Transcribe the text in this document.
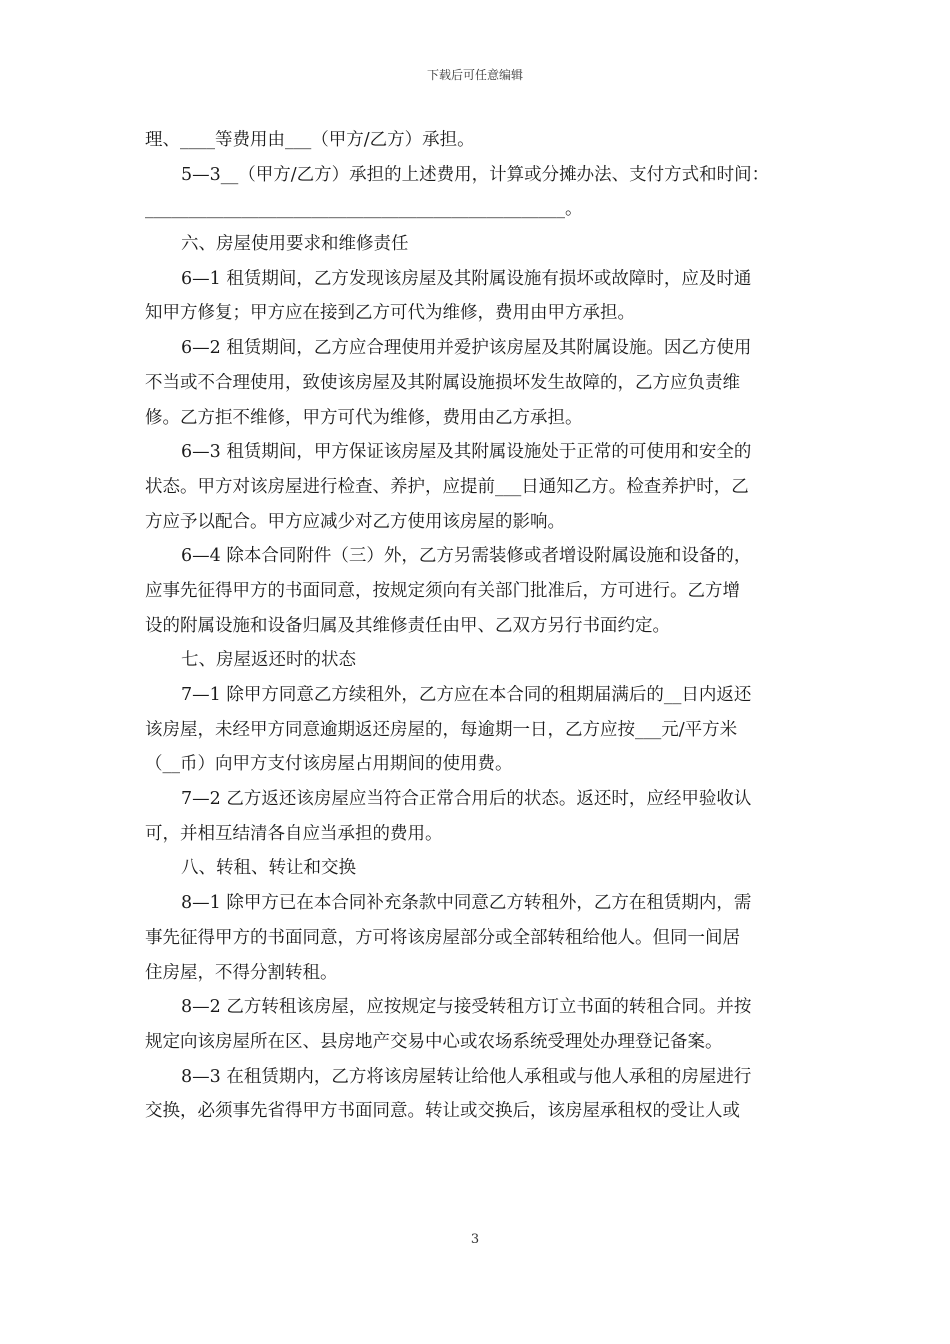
下载后可任意编辑
理、____等费用由___（甲方/乙方）承担。
5—3__（甲方/乙方）承担的上述费用，计算或分摊办法、支付方式和时间：
________________________________________________。
六、房屋使用要求和维修责任
6—1 租赁期间，乙方发现该房屋及其附属设施有损坏或故障时，应及时通
知甲方修复；甲方应在接到乙方可代为维修，费用由甲方承担。
6—2 租赁期间，乙方应合理使用并爱护该房屋及其附属设施。因乙方使用
不当或不合理使用，致使该房屋及其附属设施损坏发生故障的，乙方应负责维
修。乙方拒不维修，甲方可代为维修，费用由乙方承担。
6—3 租赁期间，甲方保证该房屋及其附属设施处于正常的可使用和安全的
状态。甲方对该房屋进行检查、养护，应提前___日通知乙方。检查养护时，乙
方应予以配合。甲方应减少对乙方使用该房屋的影响。
6—4 除本合同附件（三）外，乙方另需装修或者增设附属设施和设备的，
应事先征得甲方的书面同意，按规定须向有关部门批准后，方可进行。乙方增
设的附属设施和设备归属及其维修责任由甲、乙双方另行书面约定。
七、房屋返还时的状态
7—1 除甲方同意乙方续租外，乙方应在本合同的租期届满后的__日内返还
该房屋，未经甲方同意逾期返还房屋的，每逾期一日，乙方应按___元/平方米
（__币）向甲方支付该房屋占用期间的使用费。
7—2 乙方返还该房屋应当符合正常合用后的状态。返还时，应经甲验收认
可，并相互结清各自应当承担的费用。
八、转租、转让和交换
8—1 除甲方已在本合同补充条款中同意乙方转租外，乙方在租赁期内，需
事先征得甲方的书面同意，方可将该房屋部分或全部转租给他人。但同一间居
住房屋，不得分割转租。
8—2 乙方转租该房屋，应按规定与接受转租方订立书面的转租合同。并按
规定向该房屋所在区、县房地产交易中心或农场系统受理处办理登记备案。
8—3 在租赁期内，乙方将该房屋转让给他人承租或与他人承租的房屋进行
交换，必须事先省得甲方书面同意。转让或交换后，该房屋承租权的受让人或
3
